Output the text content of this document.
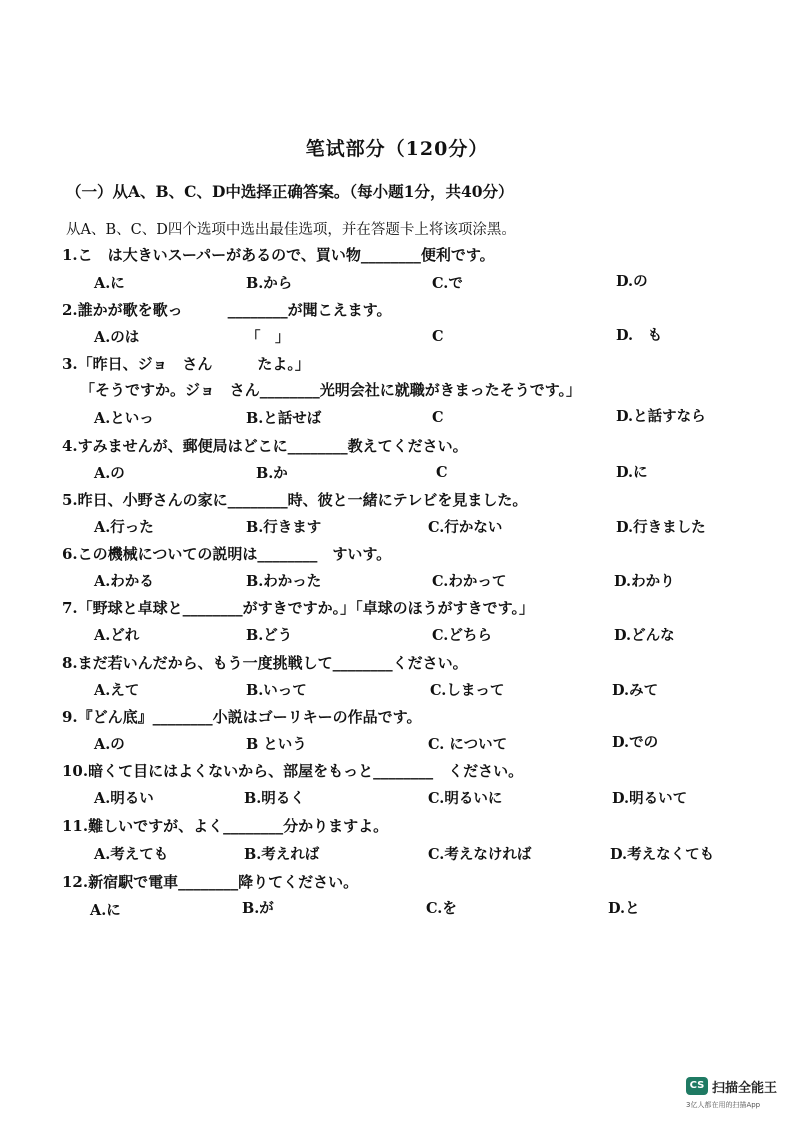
笔试部分（120分）
（一）从A、B、C、D中选择正确答案。（每小题1分，共40分）
从A、B、C、D四个选项中选出最佳选项，并在答题卡上将该项涂黑。
1.こ　は大きいスーパーがあるので、買い物________便利です。
A.に	B.から	C.で	D.の
2.誰かが歌を歌っ　　　________が聞こえます。
A.のは	「　」	C	D.　も
3.「昨日、ジョ　さん　　　たよ。」
「そうですか。ジョ　さん________光明会社に就職がきまったそうです。」
A.といっ	B.と話せば	C	D.と話すなら
4.すみませんが、郵便局はどこに________教えてください。
A.の	B.か	C	D.に
5.昨日、小野さんの家に________時、彼と一緒にテレビを見ました。
A.行った	B.行きます	C.行かない	D.行きました
6.この機械についての説明は________　すいす。
A.わかる	B.わかった	C.わかって	D.わかり
7.「野球と卓球と________がすきですか。」「卓球のほうがすきです。」
A.どれ	B.どう	C.どちら	D.どんな
8.まだ若いんだから、もう一度挑戦して________ください。
A.えて	B.いって	C.しまって	D.みて
9.『どん底』________小説はゴーリキーの作品です。
A.の	B という	C. について	D.での
10.暗くて目にはよくないから、部屋をもっと________　ください。
A.明るい	B.明るく	C.明るいに	D.明るいて
11.難しいですが、よく________分かりますよ。
A.考えても	B.考えれば	C.考えなければ	D.考えなくても
12.新宿駅で電車________降りてください。
A.に	B.が	C.を	D.と
CS 扫描全能王
3亿人都在用的扫描App
